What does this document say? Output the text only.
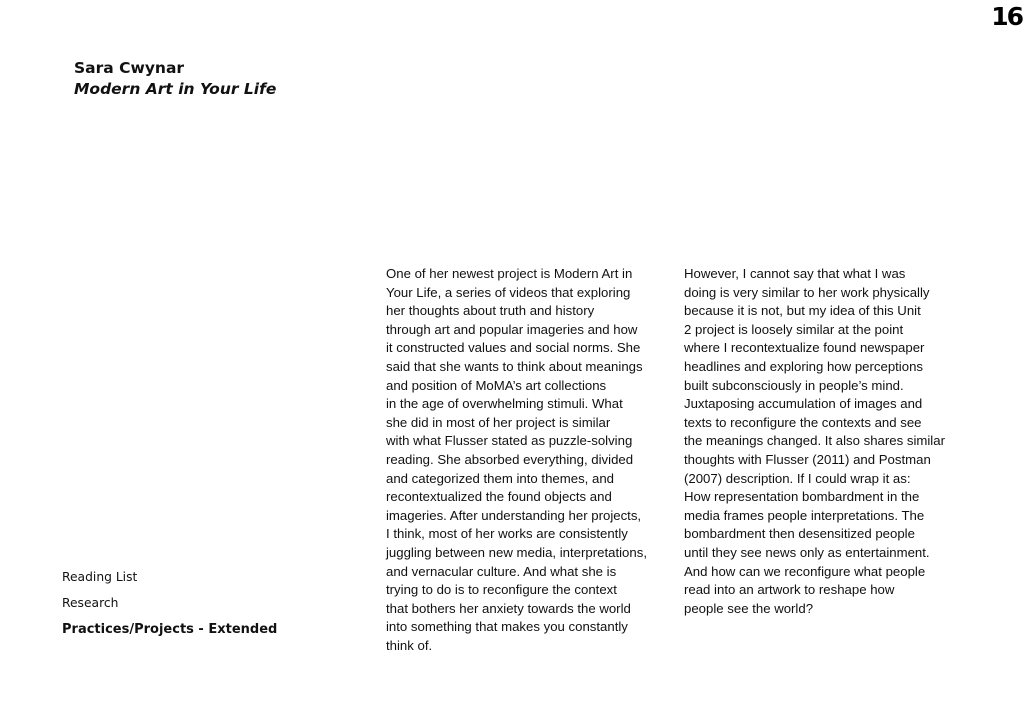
16

Sara Cwynar

Modern Art in Your Life

Reading List
Research
Practices/Projects - Extended
One of her newest project is Modern Art in
Your Life, a series of videos that exploring
her thoughts about truth and history
through art and popular imageries and how
it constructed values and social norms. She
said that she wants to think about meanings
and position of MoMA’s art collections
in the age of overwhelming stimuli. What
she did in most of her project is similar
with what Flusser stated as puzzle-solving
reading. She absorbed everything, divided
and categorized them into themes, and
recontextualized the found objects and
imageries. After understanding her projects,
I think, most of her works are consistently
juggling between new media, interpretations,
and vernacular culture. And what she is
trying to do is to reconfigure the context
that bothers her anxiety towards the world
into something that makes you constantly
think of.
However, I cannot say that what I was
doing is very similar to her work physically
because it is not, but my idea of this Unit
2 project is loosely similar at the point
where I recontextualize found newspaper
headlines and exploring how perceptions
built subconsciously in people’s mind.
Juxtaposing accumulation of images and
texts to reconfigure the contexts and see
the meanings changed. It also shares similar
thoughts with Flusser (2011) and Postman
(2007) description. If I could wrap it as:
How representation bombardment in the
media frames people interpretations. The
bombardment then desensitized people
until they see news only as entertainment.
And how can we reconfigure what people
read into an artwork to reshape how
people see the world?
